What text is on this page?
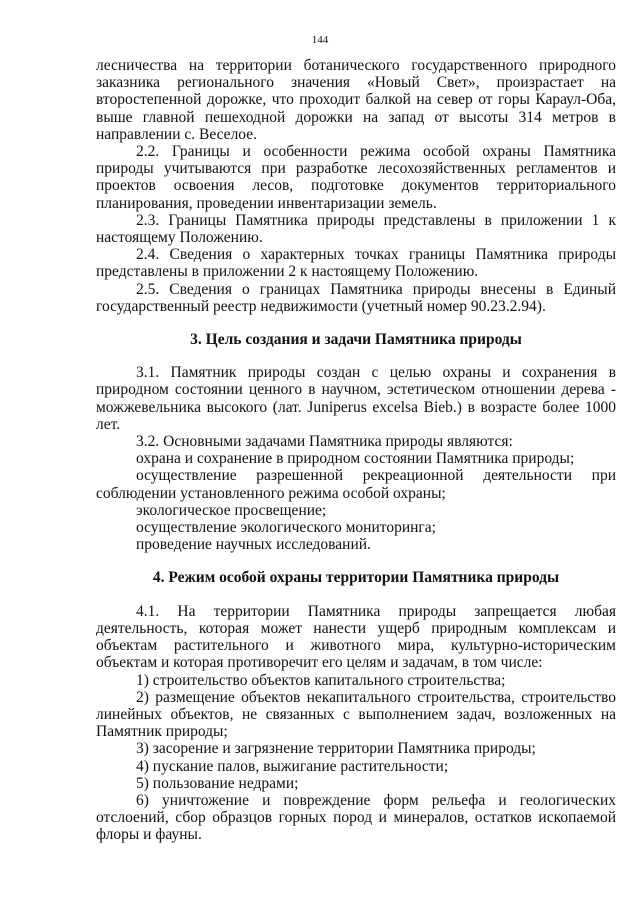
144

лесничества на территории ботанического государственного природного заказника регионального значения «Новый Свет», произрастает на второстепенной дорожке, что проходит балкой на север от горы Караул-Оба, выше главной пешеходной дорожки на запад от высоты 314 метров в направлении с. Веселое.

2.2. Границы и особенности режима особой охраны Памятника природы учитываются при разработке лесохозяйственных регламентов и проектов освоения лесов, подготовке документов территориального планирования, проведении инвентаризации земель.

2.3. Границы Памятника природы представлены в приложении 1 к настоящему Положению.

2.4. Сведения о характерных точках границы Памятника природы представлены в приложении 2 к настоящему Положению.

2.5. Сведения о границах Памятника природы внесены в Единый государственный реестр недвижимости (учетный номер 90.23.2.94).

3. Цель создания и задачи Памятника природы

3.1. Памятник природы создан с целью охраны и сохранения в природном состоянии ценного в научном, эстетическом отношении дерева - можжевельника высокого (лат. Juniperus excelsa Bieb.) в возрасте более 1000 лет.

3.2. Основными задачами Памятника природы являются:

охрана и сохранение в природном состоянии Памятника природы;

осуществление разрешенной рекреационной деятельности при соблюдении установленного режима особой охраны;

экологическое просвещение;

осуществление экологического мониторинга;

проведение научных исследований.

4. Режим особой охраны территории Памятника природы

4.1. На территории Памятника природы запрещается любая деятельность, которая может нанести ущерб природным комплексам и объектам растительного и животного мира, культурно-историческим объектам и которая противоречит его целям и задачам, в том числе:

1) строительство объектов капитального строительства;

2) размещение объектов некапитального строительства, строительство линейных объектов, не связанных с выполнением задач, возложенных на Памятник природы;

3) засорение и загрязнение территории Памятника природы;

4) пускание палов, выжигание растительности;

5) пользование недрами;

6) уничтожение и повреждение форм рельефа и геологических отслоений, сбор образцов горных пород и минералов, остатков ископаемой флоры и фауны.
